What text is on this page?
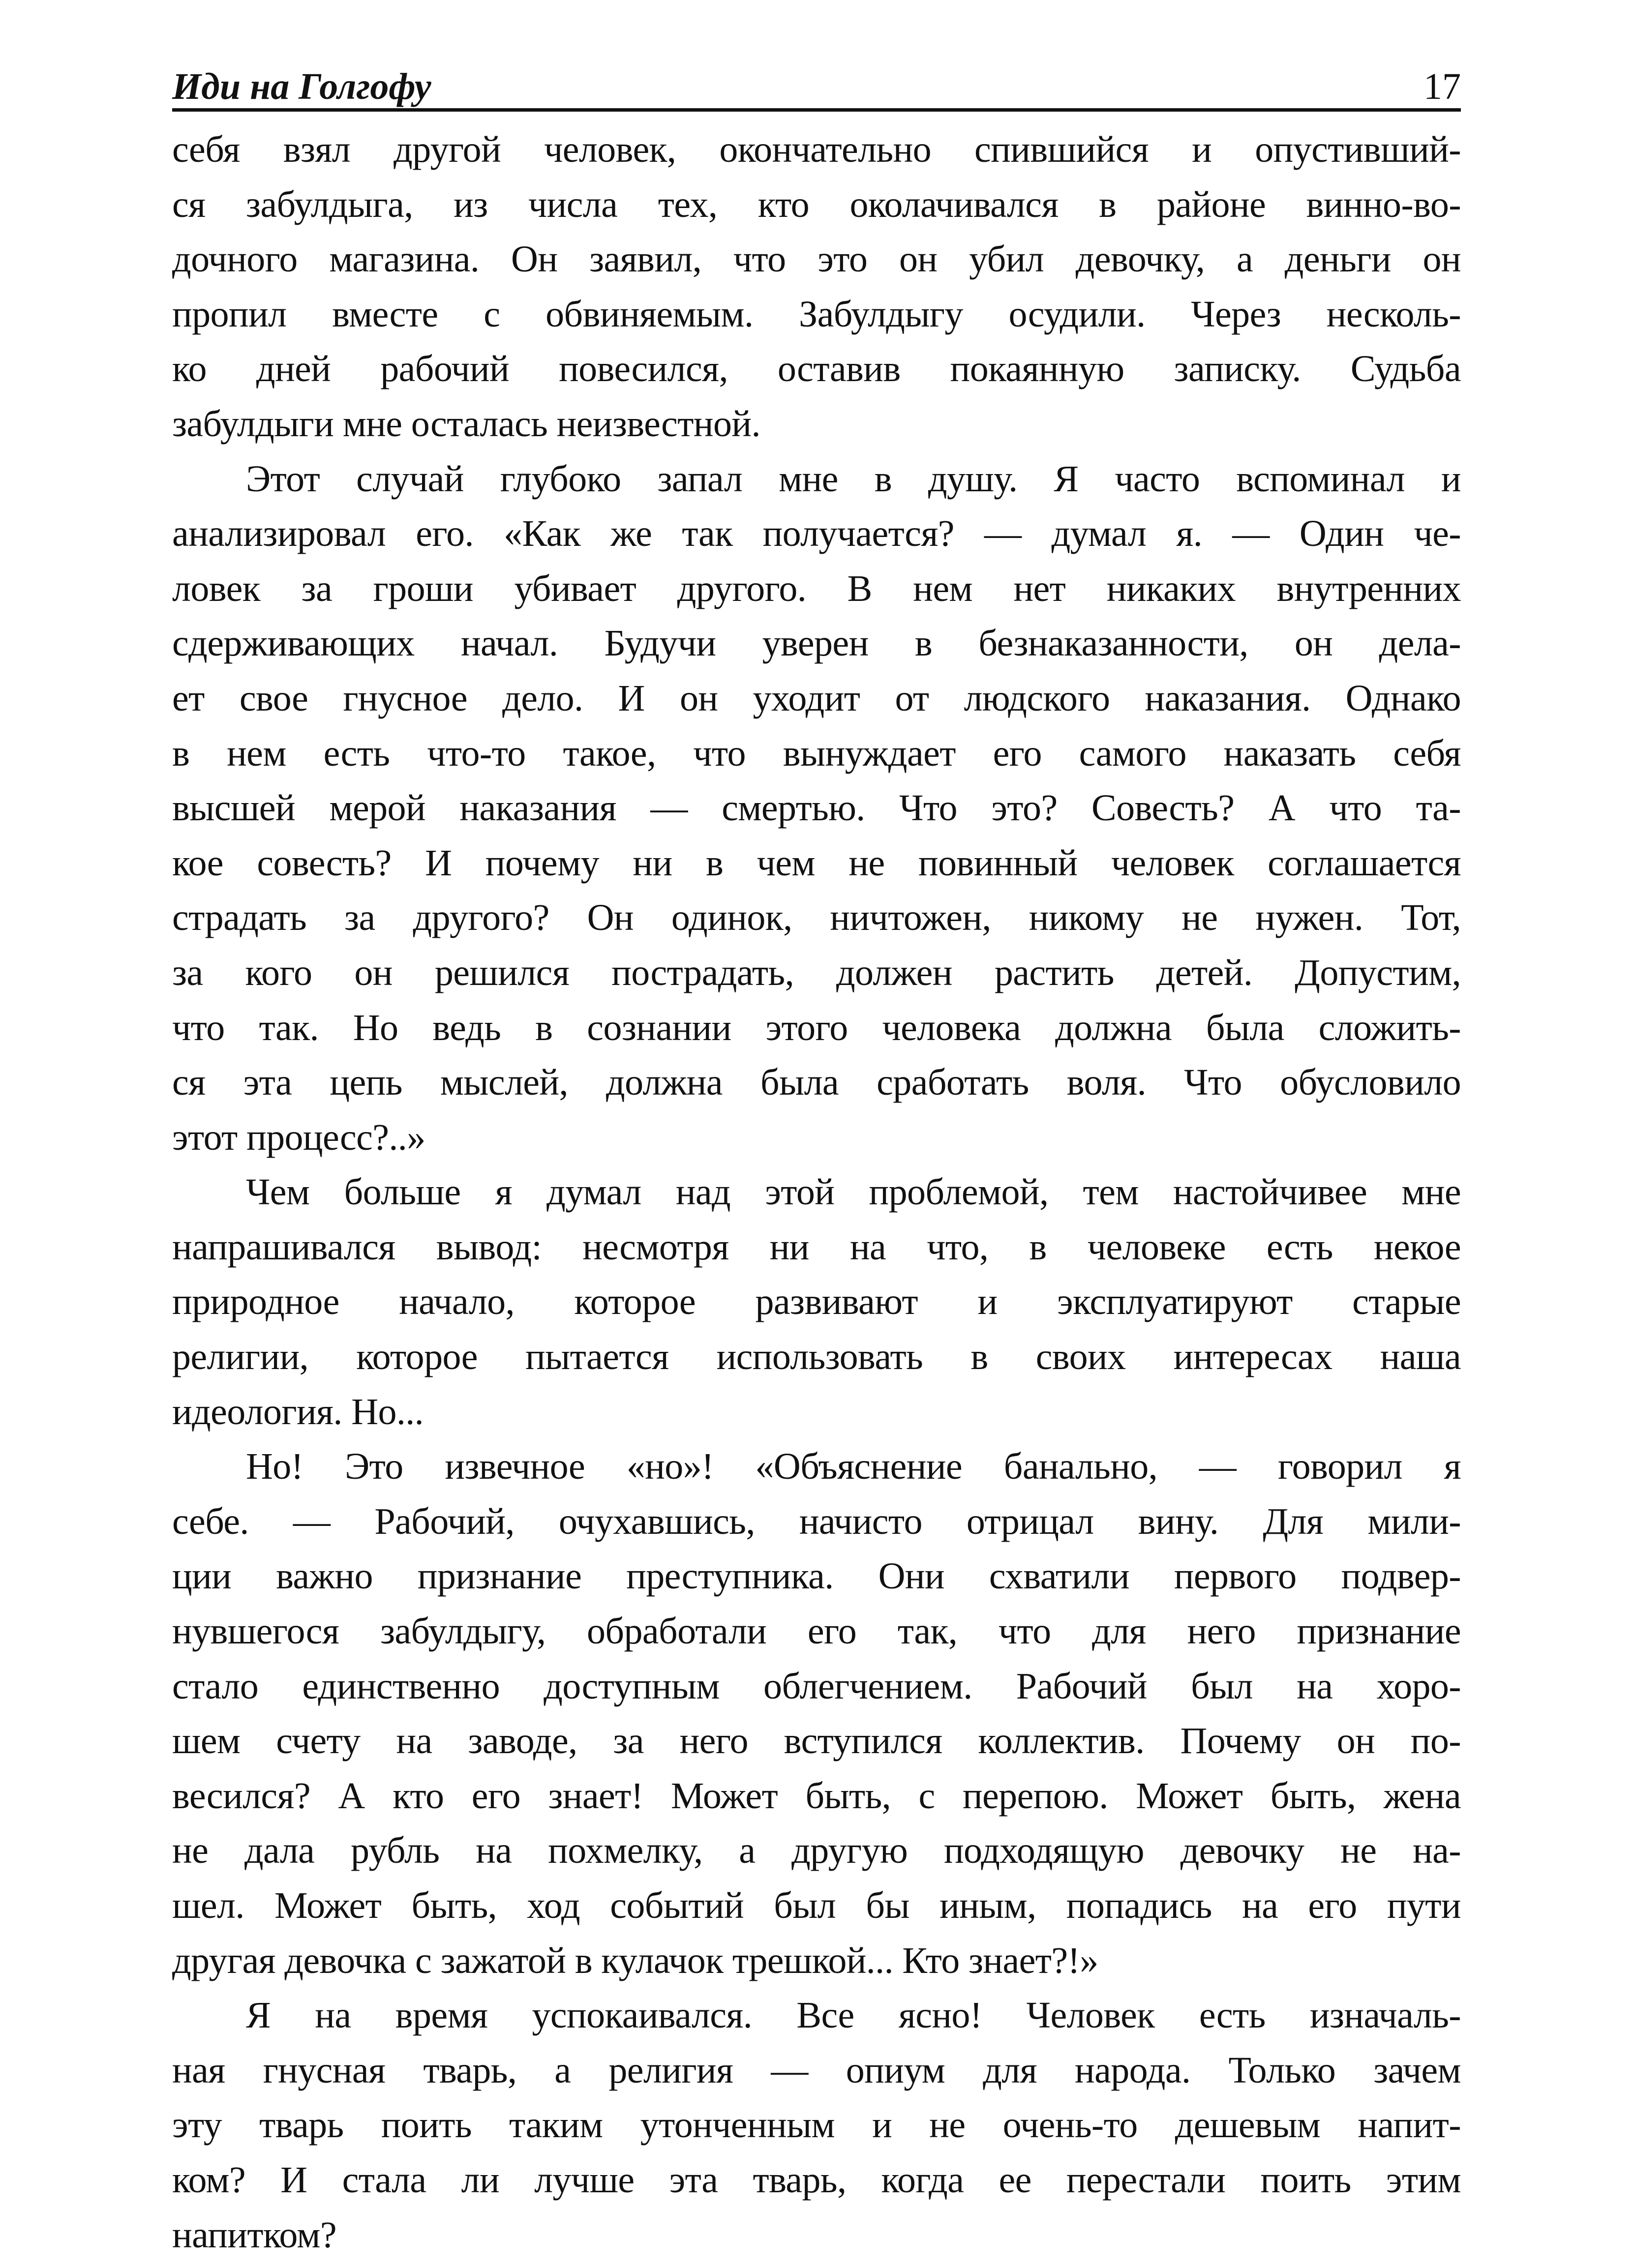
Иди на Голгофу	17
себя взял другой человек, окончательно спившийся и опустивший-
ся забулдыга, из числа тех, кто околачивался в районе винно-во-
дочного магазина. Он заявил, что это он убил девочку, а деньги он
пропил вместе с обвиняемым. Забулдыгу осудили. Через несколь-
ко дней рабочий повесился, оставив покаянную записку. Судьба
забулдыги мне осталась неизвестной.
Этот случай глубоко запал мне в душу. Я часто вспоминал и
анализировал его. «Как же так получается? — думал я. — Один че-
ловек за гроши убивает другого. В нем нет никаких внутренних
сдерживающих начал. Будучи уверен в безнаказанности, он дела-
ет свое гнусное дело. И он уходит от людского наказания. Однако
в нем есть что-то такое, что вынуждает его самого наказать себя
высшей мерой наказания — смертью. Что это? Совесть? А что та-
кое совесть? И почему ни в чем не повинный человек соглашается
страдать за другого? Он одинок, ничтожен, никому не нужен. Тот,
за кого он решился пострадать, должен растить детей. Допустим,
что так. Но ведь в сознании этого человека должна была сложить-
ся эта цепь мыслей, должна была сработать воля. Что обусловило
этот процесс?..»
Чем больше я думал над этой проблемой, тем настойчивее мне
напрашивался вывод: несмотря ни на что, в человеке есть некое
природное начало, которое развивают и эксплуатируют старые
религии, которое пытается использовать в своих интересах наша
идеология. Но...
Но! Это извечное «но»! «Объяснение банально, — говорил я
себе. — Рабочий, очухавшись, начисто отрицал вину. Для мили-
ции важно признание преступника. Они схватили первого подвер-
нувшегося забулдыгу, обработали его так, что для него признание
стало единственно доступным облегчением. Рабочий был на хоро-
шем счету на заводе, за него вступился коллектив. Почему он по-
весился? А кто его знает! Может быть, с перепою. Может быть, жена
не дала рубль на похмелку, а другую подходящую девочку не на-
шел. Может быть, ход событий был бы иным, попадись на его пути
другая девочка с зажатой в кулачок трешкой... Кто знает?!»
Я на время успокаивался. Все ясно! Человек есть изначаль-
ная гнусная тварь, а религия — опиум для народа. Только зачем
эту тварь поить таким утонченным и не очень-то дешевым напит-
ком? И стала ли лучше эта тварь, когда ее перестали поить этим
напитком?
